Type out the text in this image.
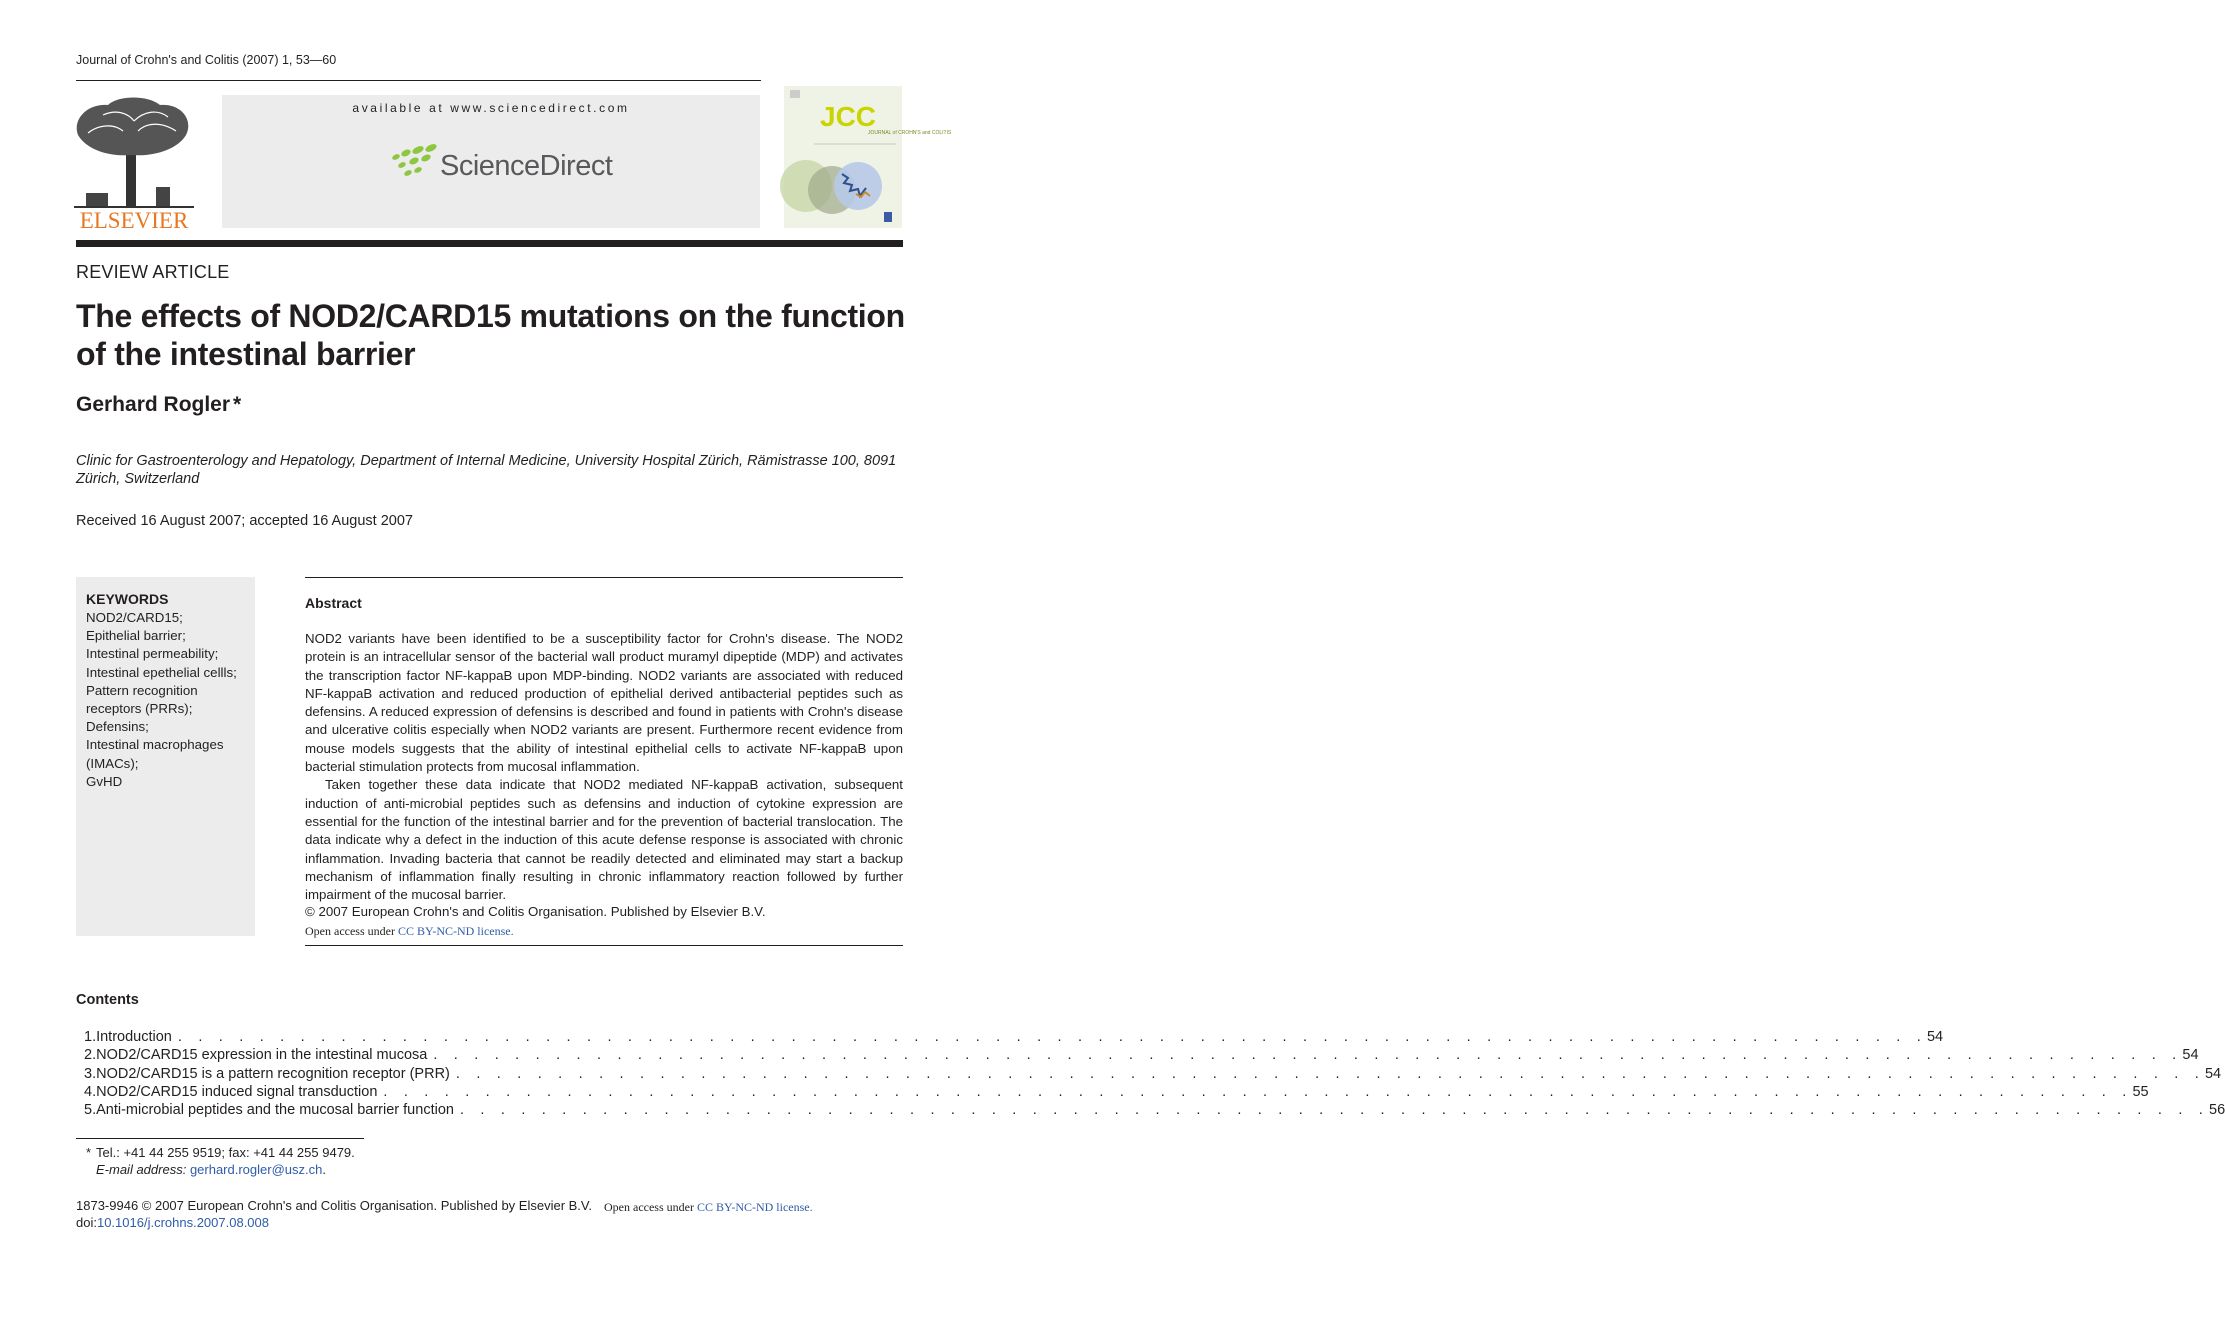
Journal of Crohn's and Colitis (2007) 1, 53—60
ELSEVIER
available at www.sciencedirect.com
ScienceDirect
JCC
JOURNAL of CROHN'S and COLITIS
REVIEW ARTICLE
The effects of NOD2/CARD15 mutations on the function of the intestinal barrier
Gerhard Rogler *
Clinic for Gastroenterology and Hepatology, Department of Internal Medicine, University Hospital Zürich, Rämistrasse 100, 8091 Zürich, Switzerland
Received 16 August 2007; accepted 16 August 2007
KEYWORDS
NOD2/CARD15;
Epithelial barrier;
Intestinal permeability;
Intestinal epethelial cellls;
Pattern recognition receptors (PRRs);
Defensins;
Intestinal macrophages (IMACs);
GvHD
Abstract

NOD2 variants have been identified to be a susceptibility factor for Crohn's disease. The NOD2 protein is an intracellular sensor of the bacterial wall product muramyl dipeptide (MDP) and activates the transcription factor NF-kappaB upon MDP-binding. NOD2 variants are associated with reduced NF-kappaB activation and reduced production of epithelial derived antibacterial peptides such as defensins. A reduced expression of defensins is described and found in patients with Crohn's disease and ulcerative colitis especially when NOD2 variants are present. Furthermore recent evidence from mouse models suggests that the ability of intestinal epithelial cells to activate NF-kappaB upon bacterial stimulation protects from mucosal inflammation.

Taken together these data indicate that NOD2 mediated NF-kappaB activation, subsequent induction of anti-microbial peptides such as defensins and induction of cytokine expression are essential for the function of the intestinal barrier and for the prevention of bacterial translocation. The data indicate why a defect in the induction of this acute defense response is associated with chronic inflammation. Invading bacteria that cannot be readily detected and eliminated may start a backup mechanism of inflammation finally resulting in chronic inflammatory reaction followed by further impairment of the mucosal barrier.

© 2007 European Crohn's and Colitis Organisation. Published by Elsevier B.V.
Open access under CC BY-NC-ND license.
Contents
1. Introduction . . . . . . . . . . . . . . . . . . . . . . . . . . . . . . . . . . . . . . . . . . . . . . . . . . . . . . . . . . . . . . . . . . . . . . . . . . . . . . . . . . . . . . 54
2. NOD2/CARD15 expression in the intestinal mucosa . . . . . . . . . . . . . . . . . . . . . . . . . . . . . . . . . . . . . . . . . . . . . . . . . . . . . . . . . . . . . . . . . . . . . . . . . . . . . . . . . . . . . . 54
3. NOD2/CARD15 is a pattern recognition receptor (PRR) . . . . . . . . . . . . . . . . . . . . . . . . . . . . . . . . . . . . . . . . . . . . . . . . . . . . . . . . . . . . . . . . . . . . . . . . . . . . . . . . . . . . . . 54
4. NOD2/CARD15 induced signal transduction . . . . . . . . . . . . . . . . . . . . . . . . . . . . . . . . . . . . . . . . . . . . . . . . . . . . . . . . . . . . . . . . . . . . . . . . . . . . . . . . . . . . . . 55
5. Anti-microbial peptides and the mucosal barrier function . . . . . . . . . . . . . . . . . . . . . . . . . . . . . . . . . . . . . . . . . . . . . . . . . . . . . . . . . . . . . . . . . . . . . . . . . . . . . . . . . . . . . . 56
* Tel.: +41 44 255 9519; fax: +41 44 255 9479.
E-mail address: gerhard.rogler@usz.ch.
1873-9946 © 2007 European Crohn's and Colitis Organisation. Published by Elsevier B.V. Open access under CC BY-NC-ND license.
doi:10.1016/j.crohns.2007.08.008
